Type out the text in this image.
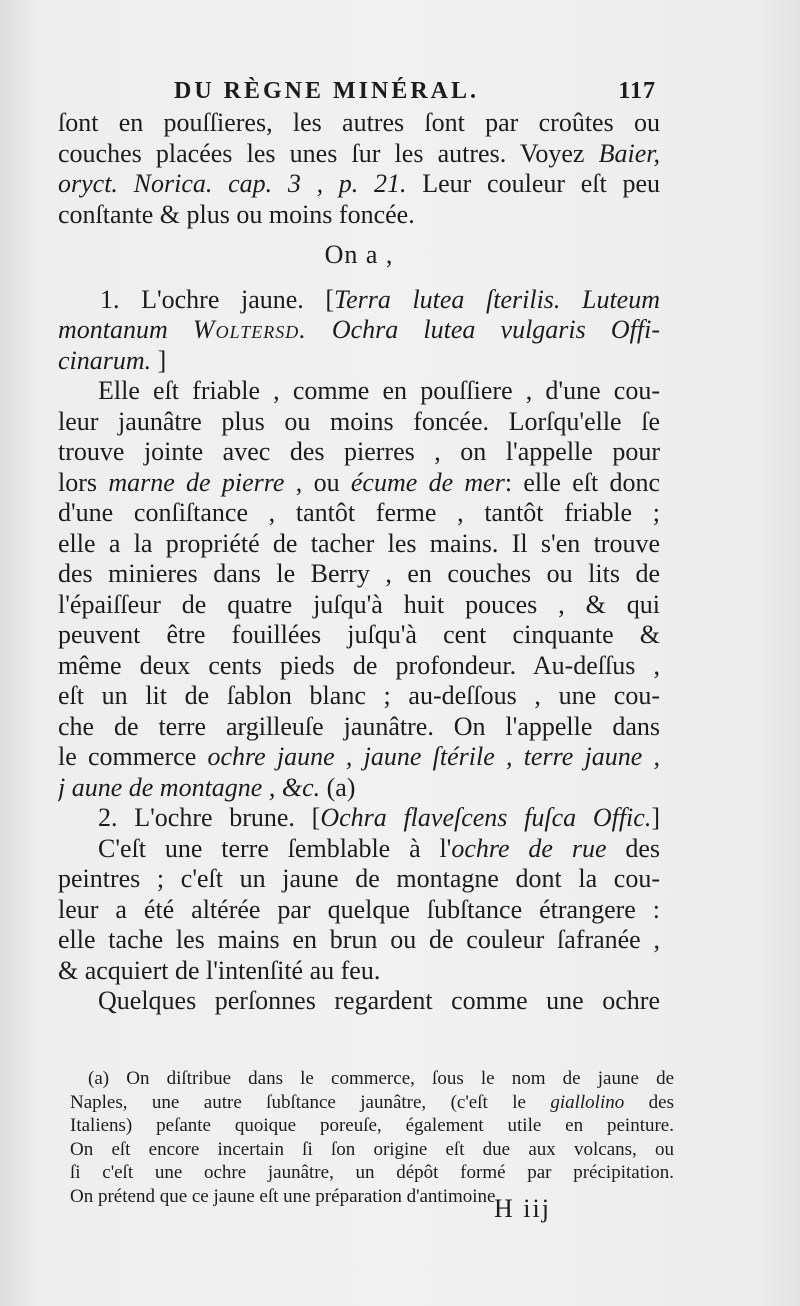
DU RÈGNE MINÉRAL.	117
ſont en pouſſieres, les autres ſont par croûtes ou
couches placées les unes ſur les autres. Voyez Baier,
oryct. Norica. cap. 3 , p. 21. Leur couleur eſt peu
conſtante & plus ou moins foncée.
On a ,
1. L'ochre jaune. [Terra lutea ſterilis. Luteum
montanum Woltersd. Ochra lutea vulgaris Offi-
cinarum. ]
Elle eſt friable , comme en pouſſiere , d'une cou-
leur jaunâtre plus ou moins foncée. Lorſqu'elle ſe
trouve jointe avec des pierres , on l'appelle pour
lors marne de pierre , ou écume de mer: elle eſt donc
d'une conſiſtance , tantôt ferme , tantôt friable ;
elle a la propriété de tacher les mains. Il s'en trouve
des minieres dans le Berry , en couches ou lits de
l'épaiſſeur de quatre juſqu'à huit pouces , & qui
peuvent être fouillées juſqu'à cent cinquante &
même deux cents pieds de profondeur. Au-deſſus ,
eſt un lit de ſablon blanc ; au-deſſous , une cou-
che de terre argilleuſe jaunâtre. On l'appelle dans
le commerce ochre jaune , jaune ſtérile , terre jaune ,
j aune de montagne , &c. (a)
2. L'ochre brune. [Ochra flaveſcens fuſca Offic.]
C'eſt une terre ſemblable à l'ochre de rue des
peintres ; c'eſt un jaune de montagne dont la cou-
leur a été altérée par quelque ſubſtance étrangere :
elle tache les mains en brun ou de couleur ſafranée ,
& acquiert de l'intenſité au feu.
Quelques perſonnes regardent comme une ochre
(a) On diſtribue dans le commerce, ſous le nom de jaune de
Naples, une autre ſubſtance jaunâtre, (c'eſt le giallolino des
Italiens) peſante quoique poreuſe, également utile en peinture.
On eſt encore incertain ſi ſon origine eſt due aux volcans, ou
ſi c'eſt une ochre jaunâtre, un dépôt formé par précipitation.
On prétend que ce jaune eſt une préparation d'antimoine.
H iij
